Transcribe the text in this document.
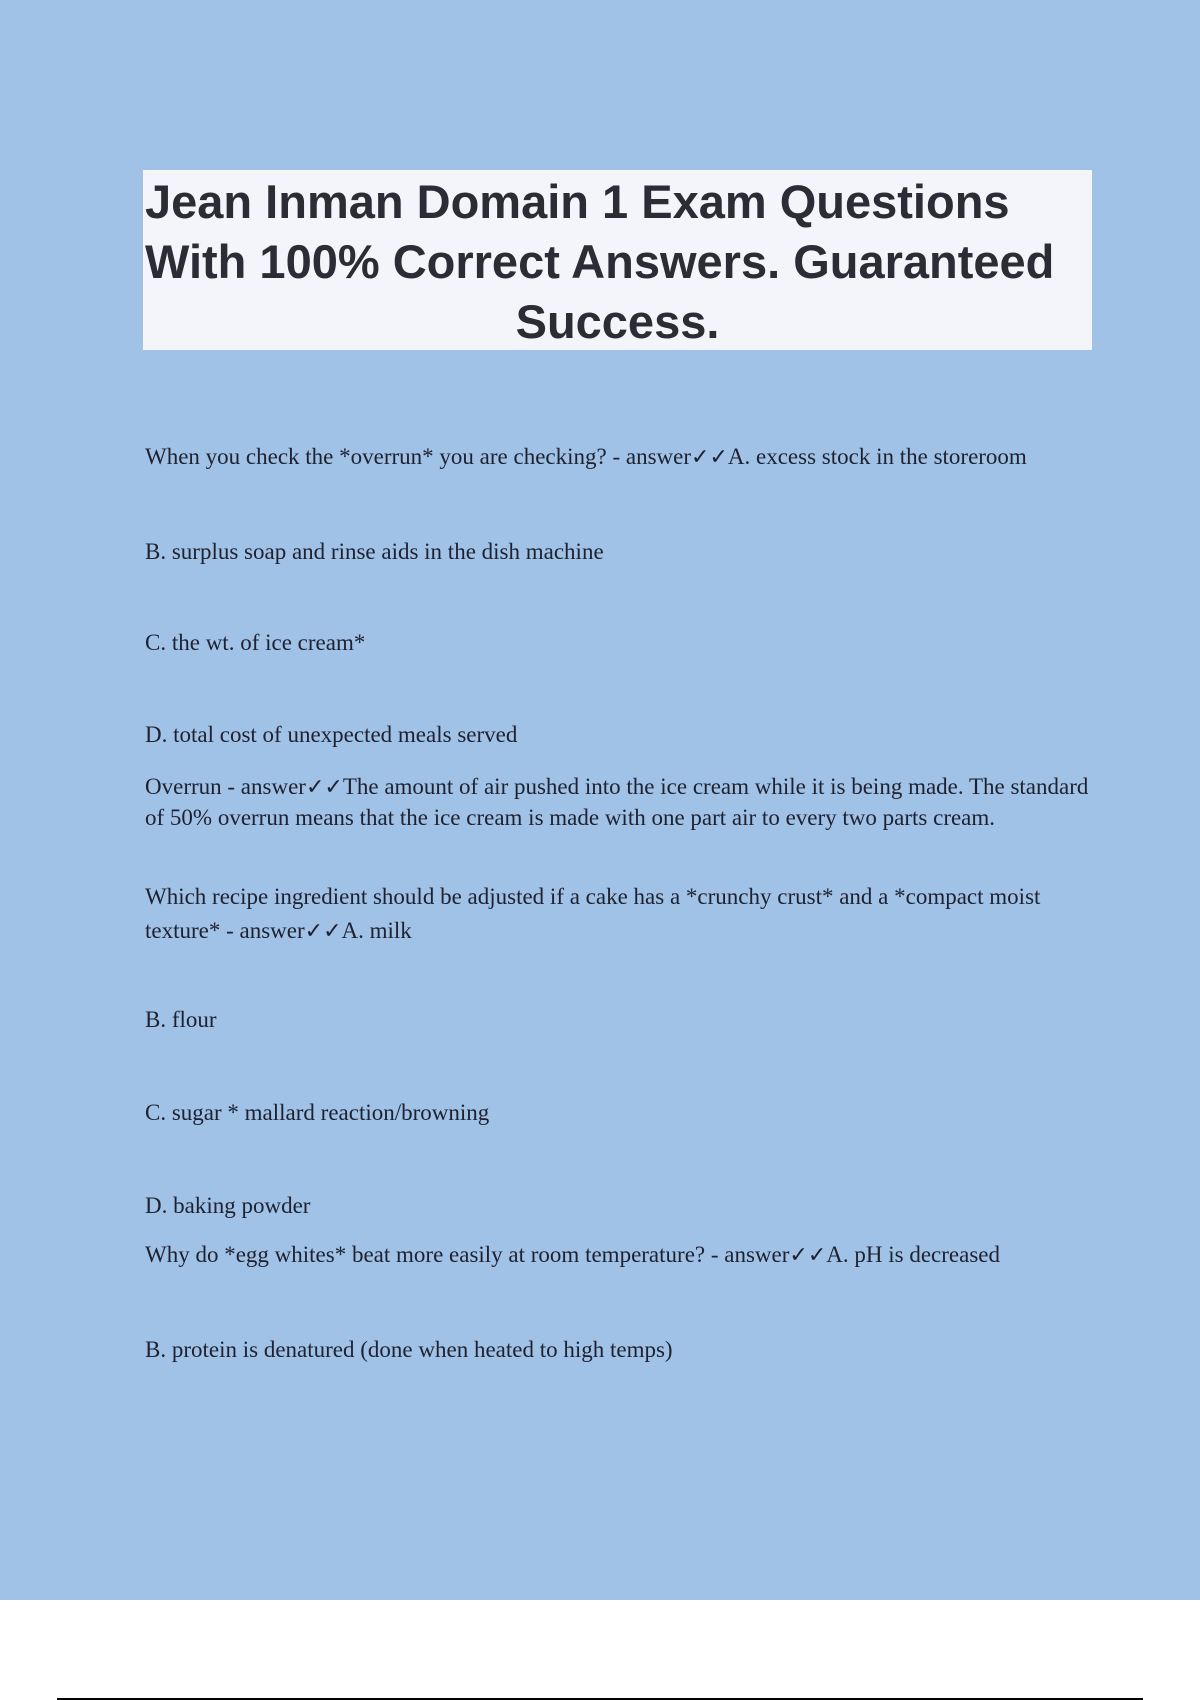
Jean Inman Domain 1 Exam Questions
With 100% Correct Answers. Guaranteed
Success.
When you check the *overrun* you are checking? - answer✓✓A. excess stock in the storeroom
B. surplus soap and rinse aids in the dish machine
C. the wt. of ice cream*
D. total cost of unexpected meals served
Overrun - answer✓✓The amount of air pushed into the ice cream while it is being made. The standard of 50% overrun means that the ice cream is made with one part air to every two parts cream.
Which recipe ingredient should be adjusted if a cake has a *crunchy crust* and a *compact moist texture* - answer✓✓A. milk
B. flour
C. sugar * mallard reaction/browning
D. baking powder
Why do *egg whites* beat more easily at room temperature? - answer✓✓A. pH is decreased
B. protein is denatured (done when heated to high temps)
